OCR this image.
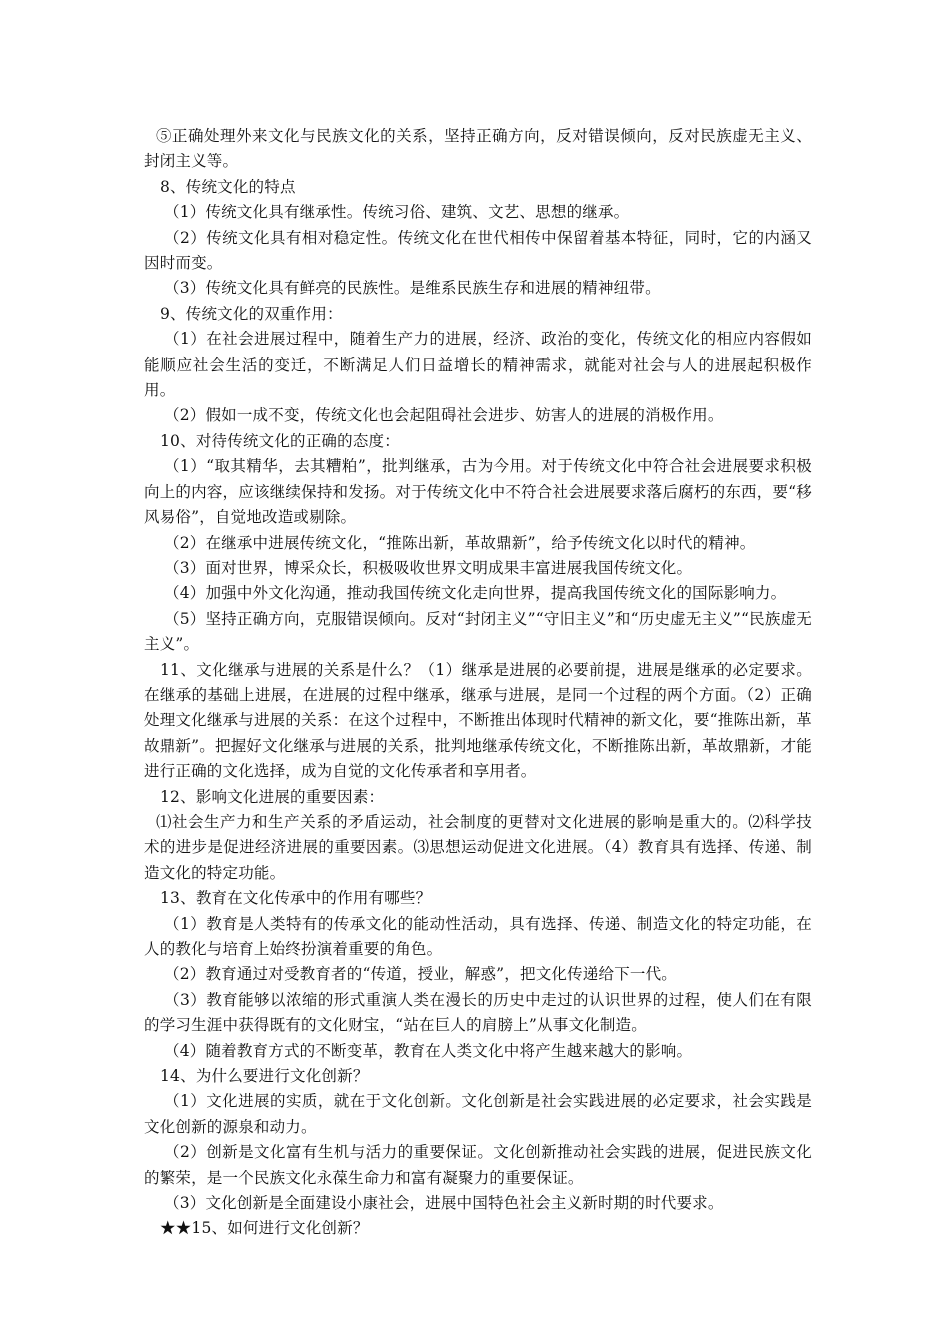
⑤正确处理外来文化与民族文化的关系，坚持正确方向，反对错误倾向，反对民族虚无主义、封闭主义等。

8、传统文化的特点

（1）传统文化具有继承性。传统习俗、建筑、文艺、思想的继承。

（2）传统文化具有相对稳定性。传统文化在世代相传中保留着基本特征，同时，它的内涵又因时而变。

（3）传统文化具有鲜亮的民族性。是维系民族生存和进展的精神纽带。

9、传统文化的双重作用：

（1）在社会进展过程中，随着生产力的进展，经济、政治的变化，传统文化的相应内容假如能顺应社会生活的变迁，不断满足人们日益增长的精神需求，就能对社会与人的进展起积极作用。

（2）假如一成不变，传统文化也会起阻碍社会进步、妨害人的进展的消极作用。

10、对待传统文化的正确的态度：

（1）“取其精华，去其糟粕”，批判继承，古为今用。对于传统文化中符合社会进展要求积极向上的内容，应该继续保持和发扬。对于传统文化中不符合社会进展要求落后腐朽的东西，要“移风易俗”，自觉地改造或剔除。

（2）在继承中进展传统文化，“推陈出新，革故鼎新”，给予传统文化以时代的精神。

（3）面对世界，博采众长，积极吸收世界文明成果丰富进展我国传统文化。

（4）加强中外文化沟通，推动我国传统文化走向世界，提高我国传统文化的国际影响力。

（5）坚持正确方向，克服错误倾向。反对“封闭主义”“守旧主义”和“历史虚无主义”“民族虚无主义”。

11、文化继承与进展的关系是什么？（1）继承是进展的必要前提，进展是继承的必定要求。在继承的基础上进展，在进展的过程中继承，继承与进展，是同一个过程的两个方面。（2）正确处理文化继承与进展的关系：在这个过程中，不断推出体现时代精神的新文化，要“推陈出新，革故鼎新”。把握好文化继承与进展的关系，批判地继承传统文化，不断推陈出新，革故鼎新，才能进行正确的文化选择，成为自觉的文化传承者和享用者。

12、影响文化进展的重要因素：

⑴社会生产力和生产关系的矛盾运动，社会制度的更替对文化进展的影响是重大的。⑵科学技术的进步是促进经济进展的重要因素。⑶思想运动促进文化进展。（4）教育具有选择、传递、制造文化的特定功能。

13、教育在文化传承中的作用有哪些？

（1）教育是人类特有的传承文化的能动性活动，具有选择、传递、制造文化的特定功能，在人的教化与培育上始终扮演着重要的角色。

（2）教育通过对受教育者的“传道，授业，解惑”，把文化传递给下一代。

（3）教育能够以浓缩的形式重演人类在漫长的历史中走过的认识世界的过程，使人们在有限的学习生涯中获得既有的文化财宝，“站在巨人的肩膀上”从事文化制造。

（4）随着教育方式的不断变革，教育在人类文化中将产生越来越大的影响。

14、为什么要进行文化创新？

（1）文化进展的实质，就在于文化创新。文化创新是社会实践进展的必定要求，社会实践是文化创新的源泉和动力。

（2）创新是文化富有生机与活力的重要保证。文化创新推动社会实践的进展，促进民族文化的繁荣，是一个民族文化永葆生命力和富有凝聚力的重要保证。

（3）文化创新是全面建设小康社会，进展中国特色社会主义新时期的时代要求。

★★15、如何进行文化创新？
